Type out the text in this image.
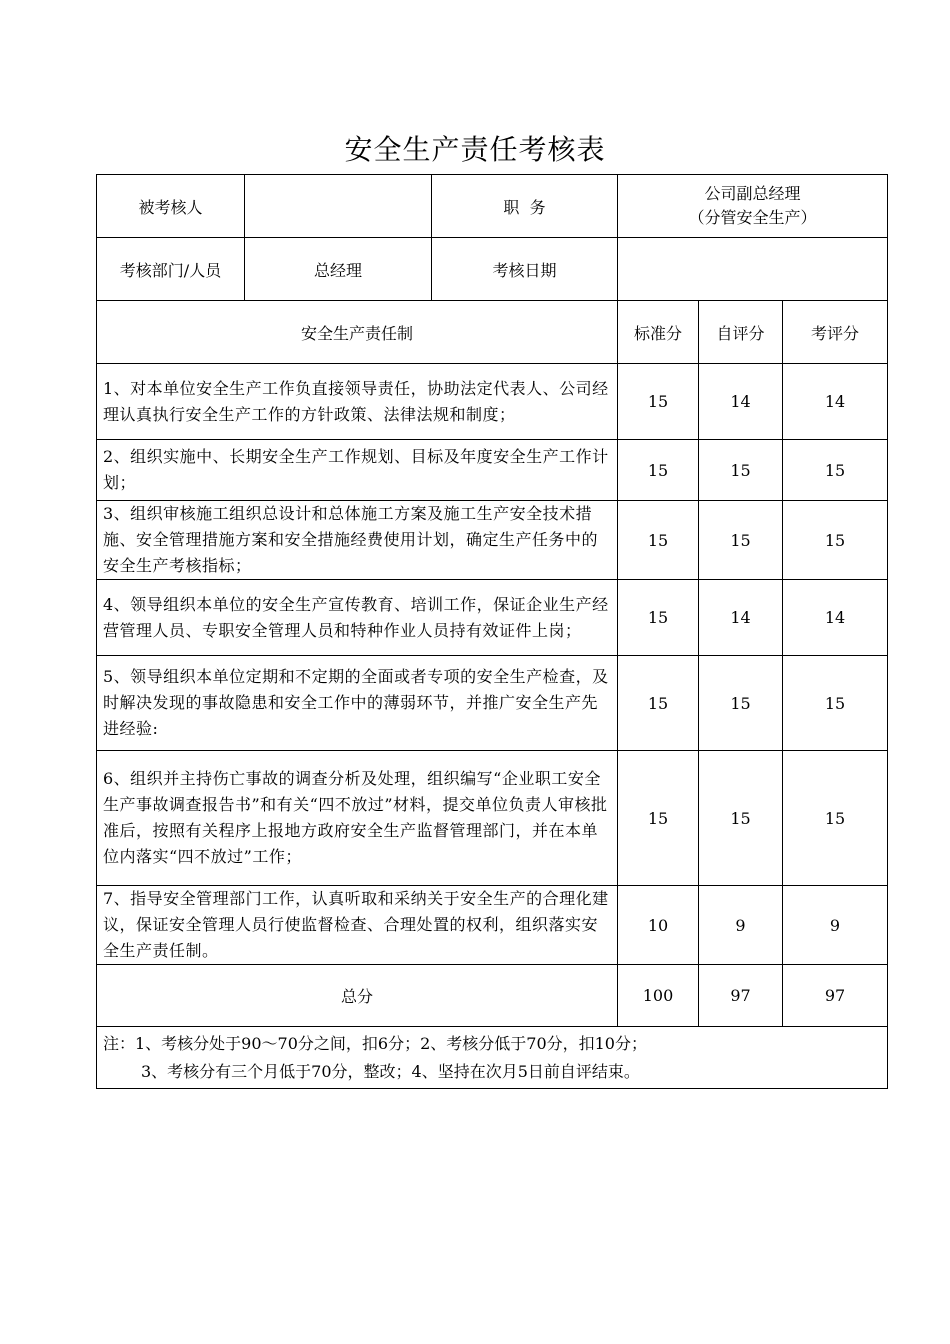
安全生产责任考核表
被考核人		职  务	公司副总经理
（分管安全生产）		

考核部门/人员	总经理	考核日期			
安全生产责任制			标准分	自评分	考评分
1、对本单位安全生产工作负直接领导责任，协助法定代表人、公司经理认真执行安全生产工作的方针政策、法律法规和制度；			15	14	14
2、组织实施中、长期安全生产工作规划、目标及年度安全生产工作计划；			15	15	15
3、组织审核施工组织总设计和总体施工方案及施工生产安全技术措施、安全管理措施方案和安全措施经费使用计划，确定生产任务中的安全生产考核指标；			15	15	15
4、领导组织本单位的安全生产宣传教育、培训工作，保证企业生产经营管理人员、专职安全管理人员和特种作业人员持有效证件上岗；			15	14	14
5、领导组织本单位定期和不定期的全面或者专项的安全生产检查，及时解决发现的事故隐患和安全工作中的薄弱环节，并推广安全生产先进经验:			15	15	15
6、组织并主持伤亡事故的调查分析及处理，组织编写“企业职工安全生产事故调查报告书”和有关“四不放过”材料，提交单位负责人审核批准后，按照有关程序上报地方政府安全生产监督管理部门，并在本单位内落实“四不放过”工作；			15	15	15
7、指导安全管理部门工作，认真听取和采纳关于安全生产的合理化建议，保证安全管理人员行使监督检查、合理处置的权利，组织落实安全生产责任制。			10	9	9
总分			100	97	97

注：1、考核分处于90～70分之间，扣6分；2、考核分低于70分，扣10分；
3、考核分有三个月低于70分，整改；4、坚持在次月5日前自评结束。					
